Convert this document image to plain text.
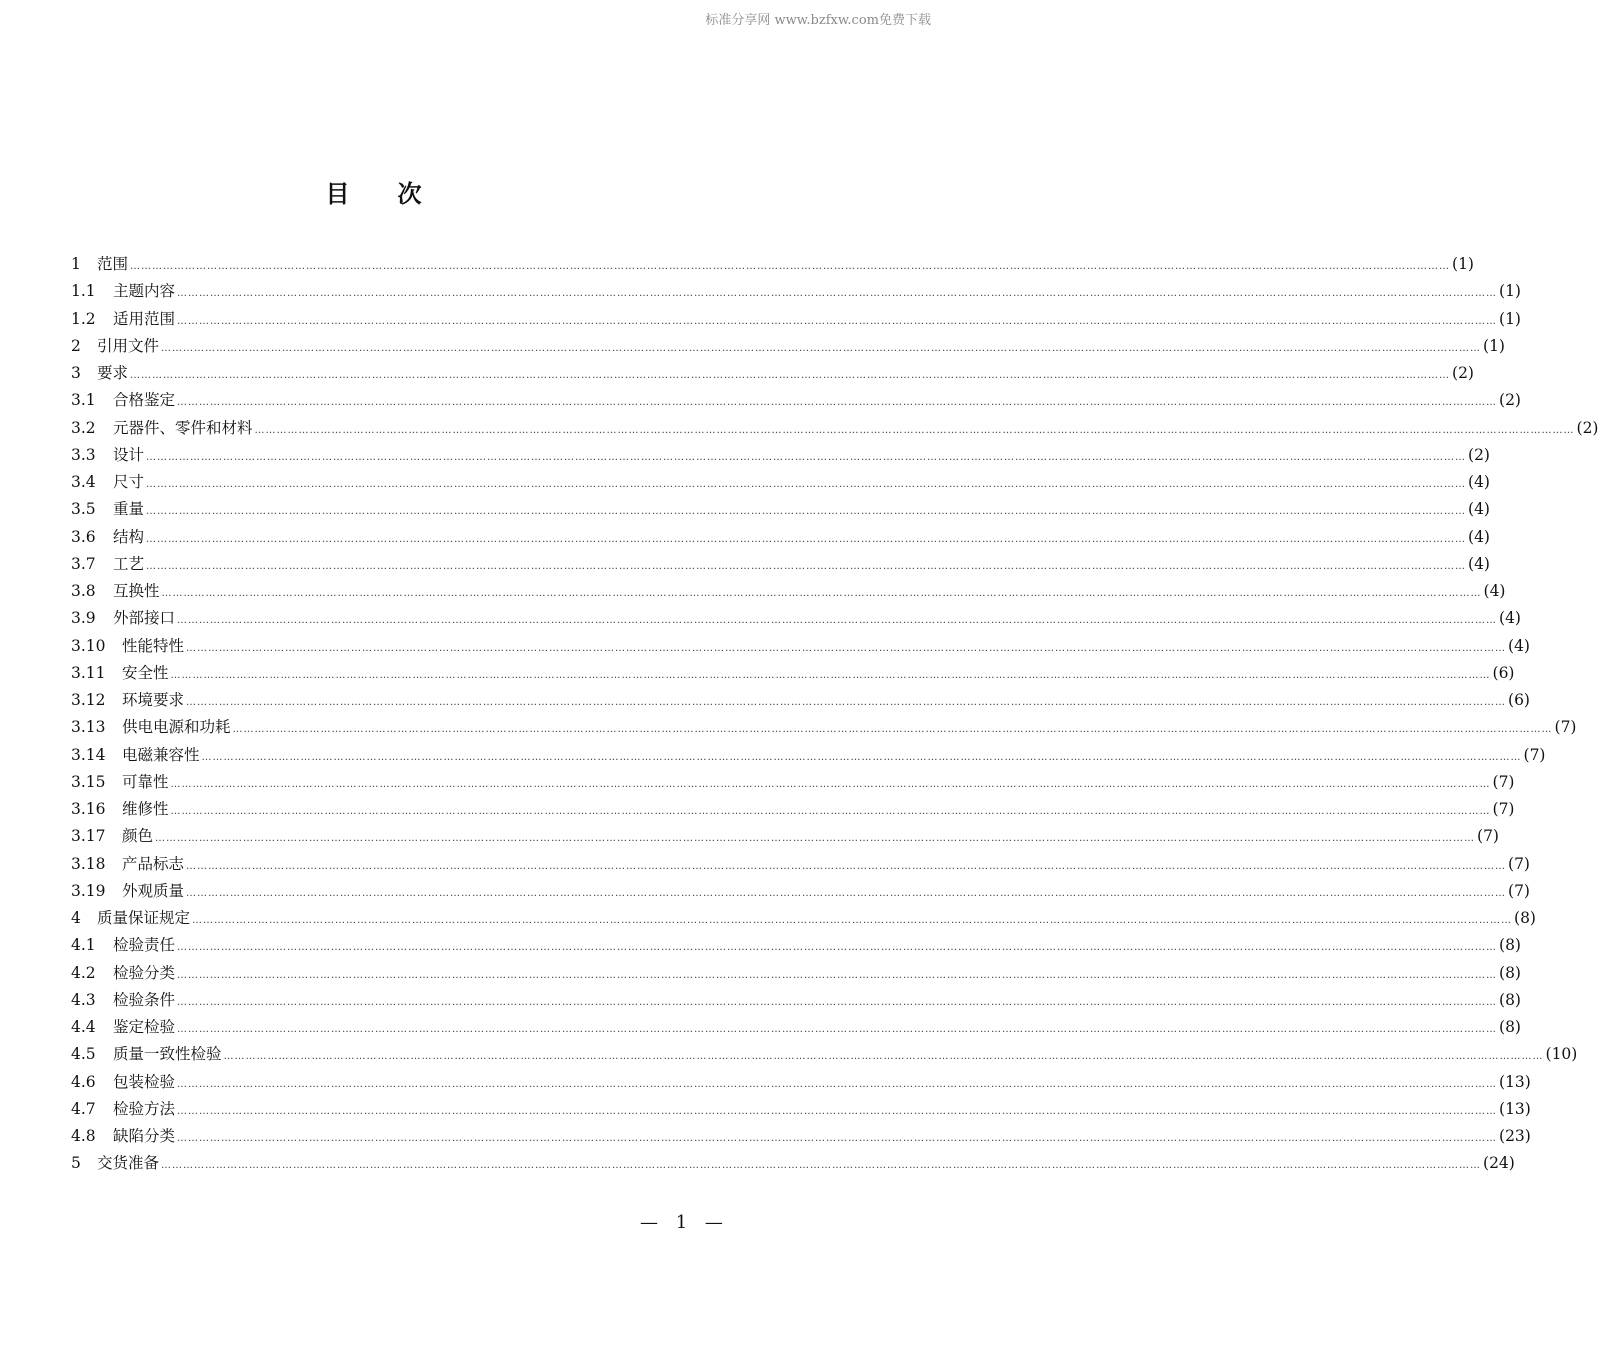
标准分享网 www.bzfxw.com免费下载
目次
1	范围 ……………………………………………………………………………………………………………………………………………………………………………………………………………………………………………………………………………………………………………………………… (1)
1.1	主题内容 ……………………………………………………………………………………………………………………………………………………………………………………………………………………………………………………………………………………………………………………………… (1)
1.2	适用范围 ……………………………………………………………………………………………………………………………………………………………………………………………………………………………………………………………………………………………………………………………… (1)
2	引用文件 ……………………………………………………………………………………………………………………………………………………………………………………………………………………………………………………………………………………………………………………………… (1)
3	要求 ……………………………………………………………………………………………………………………………………………………………………………………………………………………………………………………………………………………………………………………………… (2)
3.1	合格鉴定 ……………………………………………………………………………………………………………………………………………………………………………………………………………………………………………………………………………………………………………………………… (2)
3.2	元器件、零件和材料 ……………………………………………………………………………………………………………………………………………………………………………………………………………………………………………………………………………………………………………………………… (2)
3.3	设计 ……………………………………………………………………………………………………………………………………………………………………………………………………………………………………………………………………………………………………………………………… (2)
3.4	尺寸 ……………………………………………………………………………………………………………………………………………………………………………………………………………………………………………………………………………………………………………………………… (4)
3.5	重量 ……………………………………………………………………………………………………………………………………………………………………………………………………………………………………………………………………………………………………………………………… (4)
3.6	结构 ……………………………………………………………………………………………………………………………………………………………………………………………………………………………………………………………………………………………………………………………… (4)
3.7	工艺 ……………………………………………………………………………………………………………………………………………………………………………………………………………………………………………………………………………………………………………………………… (4)
3.8	互换性 ……………………………………………………………………………………………………………………………………………………………………………………………………………………………………………………………………………………………………………………………… (4)
3.9	外部接口 ……………………………………………………………………………………………………………………………………………………………………………………………………………………………………………………………………………………………………………………………… (4)
3.10	性能特性 ……………………………………………………………………………………………………………………………………………………………………………………………………………………………………………………………………………………………………………………………… (4)
3.11	安全性 ……………………………………………………………………………………………………………………………………………………………………………………………………………………………………………………………………………………………………………………………… (6)
3.12	环境要求 ……………………………………………………………………………………………………………………………………………………………………………………………………………………………………………………………………………………………………………………………… (6)
3.13	供电电源和功耗 ……………………………………………………………………………………………………………………………………………………………………………………………………………………………………………………………………………………………………………………………… (7)
3.14	电磁兼容性 ……………………………………………………………………………………………………………………………………………………………………………………………………………………………………………………………………………………………………………………………… (7)
3.15	可靠性 ……………………………………………………………………………………………………………………………………………………………………………………………………………………………………………………………………………………………………………………………… (7)
3.16	维修性 ……………………………………………………………………………………………………………………………………………………………………………………………………………………………………………………………………………………………………………………………… (7)
3.17	颜色 ……………………………………………………………………………………………………………………………………………………………………………………………………………………………………………………………………………………………………………………………… (7)
3.18	产品标志 ……………………………………………………………………………………………………………………………………………………………………………………………………………………………………………………………………………………………………………………………… (7)
3.19	外观质量 ……………………………………………………………………………………………………………………………………………………………………………………………………………………………………………………………………………………………………………………………… (7)
4	质量保证规定 ……………………………………………………………………………………………………………………………………………………………………………………………………………………………………………………………………………………………………………………………… (8)
4.1	检验责任 ……………………………………………………………………………………………………………………………………………………………………………………………………………………………………………………………………………………………………………………………… (8)
4.2	检验分类 ……………………………………………………………………………………………………………………………………………………………………………………………………………………………………………………………………………………………………………………………… (8)
4.3	检验条件 ……………………………………………………………………………………………………………………………………………………………………………………………………………………………………………………………………………………………………………………………… (8)
4.4	鉴定检验 ……………………………………………………………………………………………………………………………………………………………………………………………………………………………………………………………………………………………………………………………… (8)
4.5	质量一致性检验 ……………………………………………………………………………………………………………………………………………………………………………………………………………………………………………………………………………………………………………………………… (10)
4.6	包装检验 ……………………………………………………………………………………………………………………………………………………………………………………………………………………………………………………………………………………………………………………………… (13)
4.7	检验方法 ……………………………………………………………………………………………………………………………………………………………………………………………………………………………………………………………………………………………………………………………… (13)
4.8	缺陷分类 ……………………………………………………………………………………………………………………………………………………………………………………………………………………………………………………………………………………………………………………………… (23)
5	交货准备 ……………………………………………………………………………………………………………………………………………………………………………………………………………………………………………………………………………………………………………………………… (24)
— 1 —
